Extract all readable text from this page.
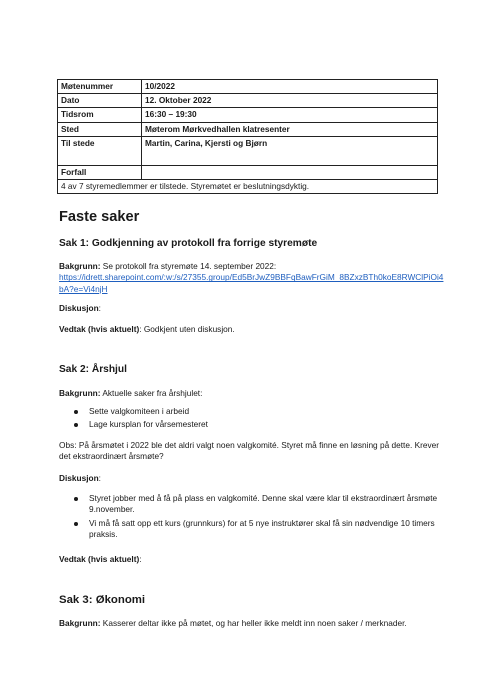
Møtenummer	10/2022
Dato	12. Oktober 2022
Tidsrom	16:30 – 19:30
Sted	Møterom Mørkvedhallen klatresenter
Til stede	Martin, Carina, Kjersti og Bjørn
Forfall	
4 av 7 styremedlemmer er tilstede. Styremøtet er beslutningsdyktig.	
Faste saker
Sak 1: Godkjenning av protokoll fra forrige styremøte

Bakgrunn: Se protokoll fra styremøte 14. september 2022:
https://idrett.sharepoint.com/:w:/s/27355.group/Ed5BrJwZ9BBFqBawFrGiM_8BZxzBTh0koE8RWClPiOi4bA?e=Vi4njH

Diskusjon:

Vedtak (hvis aktuelt): Godkjent uten diskusjon.

Sak 2: Årshjul

Bakgrunn: Aktuelle saker fra årshjulet:

Sette valgkomiteen i arbeid
Lage kursplan for vårsemesteret

Obs: På årsmøtet i 2022 ble det aldri valgt noen valgkomité. Styret må finne en løsning på dette. Krever det ekstraordinært årsmøte?

Diskusjon:

Styret jobber med å få på plass en valgkomité. Denne skal være klar til ekstraordinært årsmøte 9.november.
Vi må få satt opp ett kurs (grunnkurs) for at 5 nye instruktører skal få sin nødvendige 10 timers praksis.

Vedtak (hvis aktuelt):

Sak 3: Økonomi

Bakgrunn: Kasserer deltar ikke på møtet, og har heller ikke meldt inn noen saker / merknader.
